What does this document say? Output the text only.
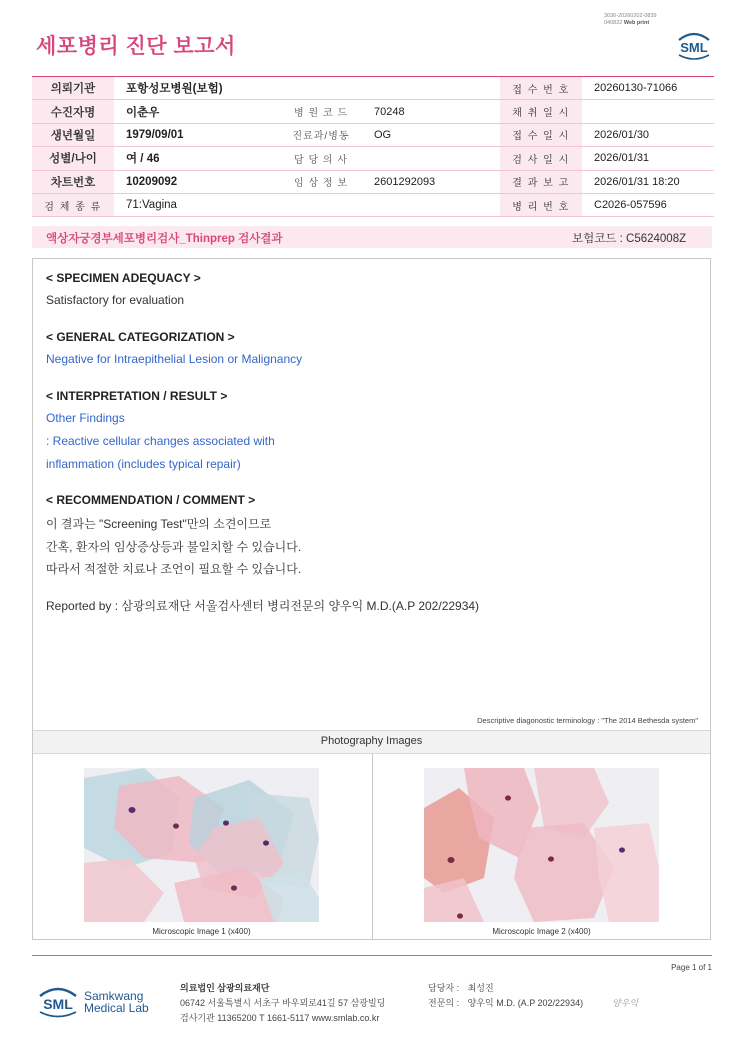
3036-20260202-0839
040822 Web print
세포병리 진단 보고서	SML
의뢰기관	포항성모병원(보험)			접 수 번 호	20260130-71066
수진자명	이춘우	병 원 코 드	70248	채 취 일 시	
생년월일	1979/09/01	진료과/병동	OG	접 수 일 시	2026/01/30
성별/나이	여 / 46	담 당 의 사		검 사 일 시	2026/01/31
차트번호	10209092	임 상 정 보	2601292093	결 과 보 고	2026/01/31 18:20
검 체 종 류	71:Vagina			병 리 번 호	C2026-057596
액상자궁경부세포병리검사_Thinprep 검사결과	보험코드 : C5624008Z
< SPECIMEN ADEQUACY >
Satisfactory for evaluation
< GENERAL CATEGORIZATION >
Negative for Intraepithelial Lesion or Malignancy
< INTERPRETATION / RESULT >
Other Findings
: Reactive cellular changes associated with
inflammation (includes typical repair)
< RECOMMENDATION / COMMENT >
이 결과는 "Screening Test"만의 소견이므로
간혹, 환자의 임상증상등과 불일치할 수 있습니다.
따라서 적절한 치료나 조언이 필요할 수 있습니다.
Reported by : 삼광의료재단 서울검사센터 병리전문의 양우익 M.D.(A.P 202/22934)
Descriptive diagonostic terminology : "The 2014 Bethesda system"
Photography Images
Microscopic Image 1 (x400)	Microscopic Image 2 (x400)
Page 1 of 1
SML Samkwang
Medical Lab
의료법인 삼광의료재단
06742 서울특별시 서초구 바우뫼로41길 57 삼광빌딩
검사기관 11365200 T 1661-5117 www.smlab.co.kr
담당자 : 최성진
전문의 : 양우익 M.D. (A.P 202/22934)	양우익
